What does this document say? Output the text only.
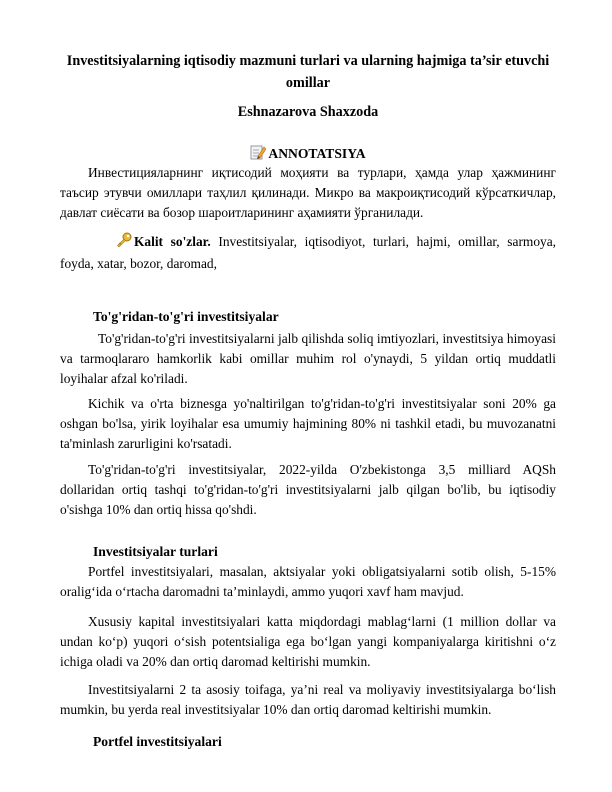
Investitsiyalarning iqtisodiy mazmuni turlari va ularning hajmiga ta’sir etuvchi omillar
Eshnazarova Shaxzoda
ANNOTATSIYA
Инвестицияларнинг иқтисодий моҳияти ва турлари, ҳамда улар ҳажмининг таъсир этувчи омиллари таҳлил қилинади. Микро ва макроиқтисодий кўрсаткичлар, давлат сиёсати ва бозор шароитларининг аҳамияти ўрганилади.
Kalit so'zlar. Investitsiyalar, iqtisodiyot, turlari, hajmi, omillar, sarmoya, foyda, xatar, bozor, daromad,
To'g'ridan-to'g'ri investitsiyalar
To'g'ridan-to'g'ri investitsiyalarni jalb qilishda soliq imtiyozlari, investitsiya himoyasi va tarmoqlararo hamkorlik kabi omillar muhim rol o'ynaydi, 5 yildan ortiq muddatli loyihalar afzal ko'riladi.
Kichik va o'rta biznesga yo'naltirilgan to'g'ridan-to'g'ri investitsiyalar soni 20% ga oshgan bo'lsa, yirik loyihalar esa umumiy hajmining 80% ni tashkil etadi, bu muvozanatni ta'minlash zarurligini ko'rsatadi.
To'g'ridan-to'g'ri investitsiyalar, 2022-yilda O'zbekistonga 3,5 milliard AQSh dollaridan ortiq tashqi to'g'ridan-to'g'ri investitsiyalarni jalb qilgan bo'lib, bu iqtisodiy o'sishga 10% dan ortiq hissa qo'shdi.
Investitsiyalar turlari
Portfel investitsiyalari, masalan, aktsiyalar yoki obligatsiyalarni sotib olish, 5-15% oralig‘ida o‘rtacha daromadni ta’minlaydi, ammo yuqori xavf ham mavjud.
Xususiy kapital investitsiyalari katta miqdordagi mablag‘larni (1 million dollar va undan ko‘p) yuqori o‘sish potentsialiga ega bo‘lgan yangi kompaniyalarga kiritishni o‘z ichiga oladi va 20% dan ortiq daromad keltirishi mumkin.
Investitsiyalarni 2 ta asosiy toifaga, ya’ni real va moliyaviy investitsiyalarga bo‘lish mumkin, bu yerda real investitsiyalar 10% dan ortiq daromad keltirishi mumkin.
Portfel investitsiyalari
